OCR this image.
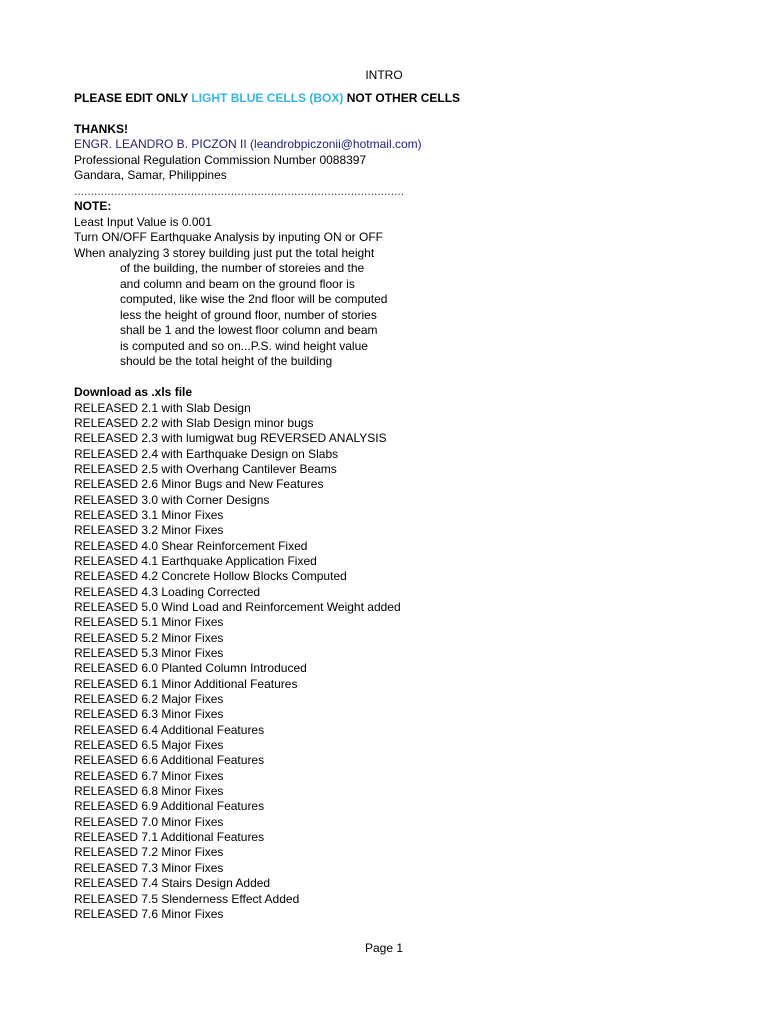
INTRO
PLEASE EDIT ONLY LIGHT BLUE CELLS (BOX) NOT OTHER CELLS
THANKS!
ENGR. LEANDRO B. PICZON II (leandrobpiczonii@hotmail.com)
Professional Regulation Commission Number 0088397
Gandara, Samar, Philippines
...................................................................................................
NOTE:
Least Input Value is 0.001
Turn ON/OFF Earthquake Analysis by inputing ON or OFF
When analyzing 3 storey building just put the total height
of the building, the number of storeies and the
and column and beam on the ground floor is
computed, like wise the 2nd floor will be computed
less the height of ground floor, number of stories
shall be 1 and the lowest floor column and beam
is computed and so on...P.S. wind height value
should be the total height of the building
Download as .xls file
RELEASED 2.1 with Slab Design
RELEASED 2.2 with Slab Design minor bugs
RELEASED 2.3 with lumigwat bug REVERSED ANALYSIS
RELEASED 2.4 with Earthquake Design on Slabs
RELEASED 2.5 with Overhang Cantilever Beams
RELEASED 2.6 Minor Bugs and New Features
RELEASED 3.0 with Corner Designs
RELEASED 3.1 Minor Fixes
RELEASED 3.2 Minor Fixes
RELEASED 4.0 Shear Reinforcement Fixed
RELEASED 4.1 Earthquake Application Fixed
RELEASED 4.2 Concrete Hollow Blocks Computed
RELEASED 4.3 Loading Corrected
RELEASED 5.0 Wind Load and Reinforcement Weight added
RELEASED 5.1 Minor Fixes
RELEASED 5.2 Minor Fixes
RELEASED 5.3 Minor Fixes
RELEASED 6.0 Planted Column Introduced
RELEASED 6.1 Minor Additional Features
RELEASED 6.2 Major Fixes
RELEASED 6.3 Minor Fixes
RELEASED 6.4 Additional Features
RELEASED 6.5 Major Fixes
RELEASED 6.6 Additional Features
RELEASED 6.7 Minor Fixes
RELEASED 6.8 Minor Fixes
RELEASED 6.9 Additional Features
RELEASED 7.0 Minor Fixes
RELEASED 7.1 Additional Features
RELEASED 7.2 Minor Fixes
RELEASED 7.3 Minor Fixes
RELEASED 7.4 Stairs Design Added
RELEASED 7.5 Slenderness Effect Added
RELEASED 7.6 Minor Fixes
Page 1
